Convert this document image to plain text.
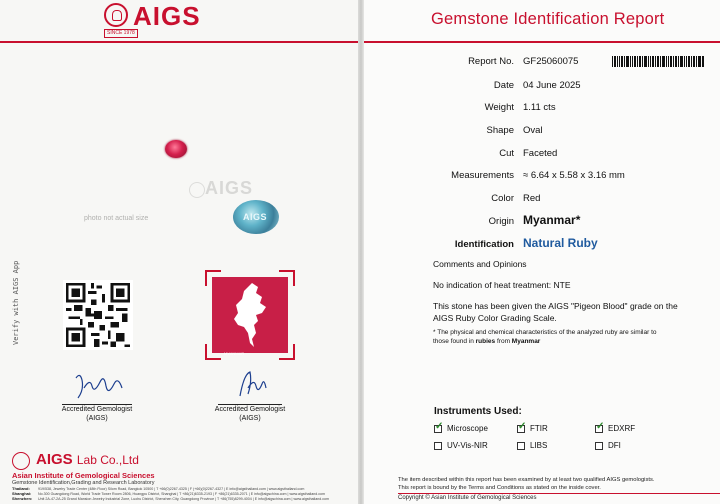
AIGS
SINCE 1978
AIGS
photo not actual size	AIGS
Verify with AIGS App
MYANMAR
Accredited Gemologist
(AIGS)
Accredited Gemologist
(AIGS)
AIGS Lab Co.,Ltd
Asian Institute of Gemological Sciences
Gemstone Identification,Grading and Research Laboratory
Thailand: 919/538, Jewelry Trade Center (48th Floor) Silom Road, Bangkok 10500 | T +66(0)2267-4325 | F (+66)(0)2267-4327 | E info@aigsthailand.com | www.aigsthailand.com
Shanghai: No.300 Guangdong Road, World Trade Tower Room 2806, Huangpu District, Shanghai | T +86(21)6335-2193 | F +86(21)6335-2071 | E info@aigschina.com | www.aigsthailand.com
Shenzhen: Unit 2A-47-2A-25 Grand Mansion Jewelry Industrial Zone, Luohu District, Shenzhen City, Guangdong Province | T +86(755)8299-4004 | E info@aigschina.com | www.aigsthailand.com
Gemstone Identification Report
Report No. GF25060075
Date 04 June 2025
Weight 1.11 cts
Shape Oval
Cut Faceted
Measurements ≈ 6.64 x 5.58 x 3.16 mm
Color Red
Origin Myanmar*
Identification Natural Ruby
Comments and Opinions
No indication of heat treatment: NTE
This stone has been given the AIGS "Pigeon Blood" grade on the
AIGS Ruby Color Grading Scale.
* The physical and chemical characteristics of the analyzed ruby are similar to
those found in rubies from Myanmar
Instruments Used:
✓
Microscope ✓	FTIR ✓	EDXRF
UV-Vis-NIR	LIBS	DFI
The item described within this report has been examined by at least two qualified AIGS gemologists.
This report is bound by the Terms and Conditions as stated on the inside cover.
Copyright © Asian Institute of Gemological Sciences
